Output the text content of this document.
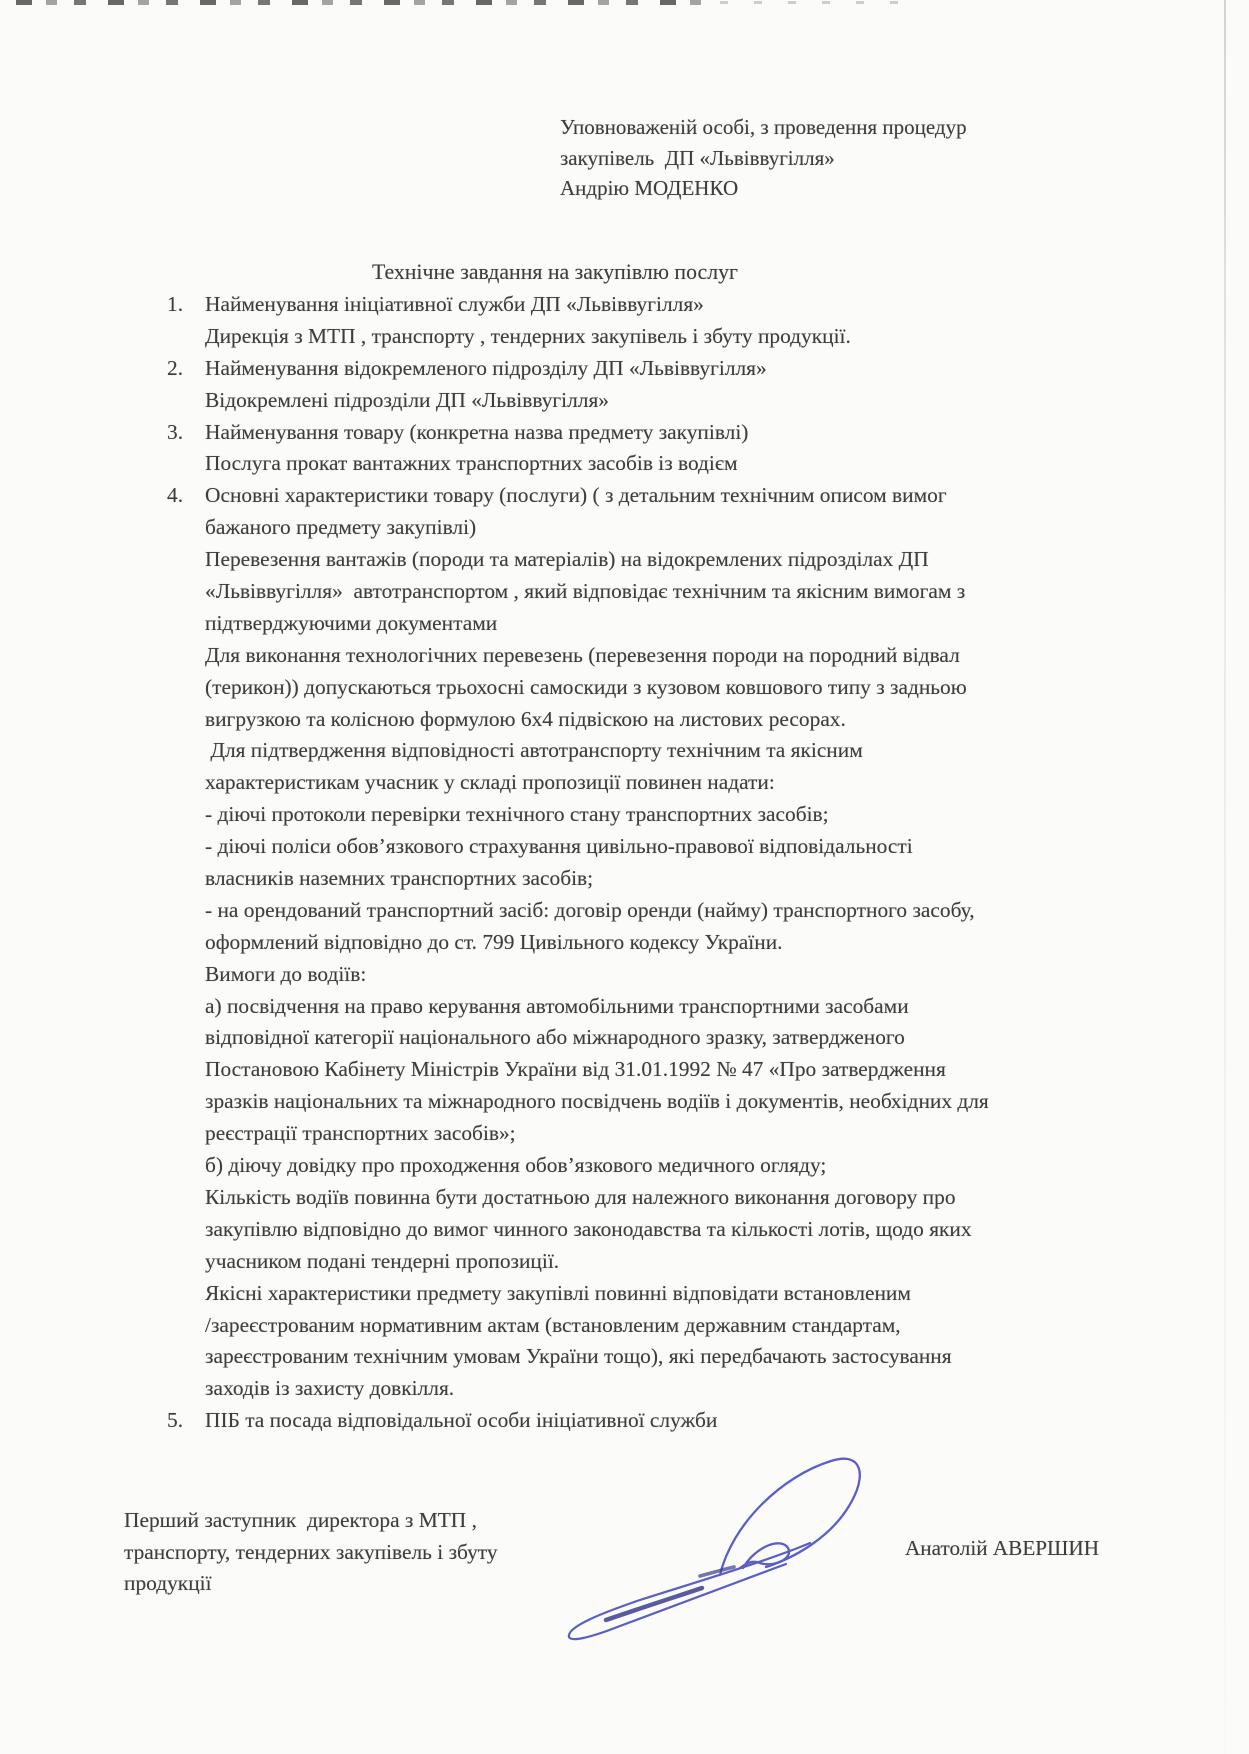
Уповноваженій особі, з проведення процедур
закупівель  ДП «Львіввугілля»
Андрію МОДЕНКО
Технічне завдання на закупівлю послуг
1. Найменування ініціативної служби ДП «Львіввугілля»
Дирекція з МТП , транспорту , тендерних закупівель і збуту продукції.
2. Найменування відокремленого підрозділу ДП «Львіввугілля»
Відокремлені підрозділи ДП «Львіввугілля»
3. Найменування товару (конкретна назва предмету закупівлі)
Послуга прокат вантажних транспортних засобів із водієм
4. Основні характеристики товару (послуги) ( з детальним технічним описом вимог
бажаного предмету закупівлі)
Перевезення вантажів (породи та матеріалів) на відокремлених підрозділах ДП
«Львіввугілля»  автотранспортом , який відповідає технічним та якісним вимогам з
підтверджуючими документами
Для виконання технологічних перевезень (перевезення породи на породний відвал
(терикон)) допускаються трьохосні самоскиди з кузовом ковшового типу з задньою
вигрузкою та колісною формулою 6х4 підвіскою на листових ресорах.
Для підтвердження відповідності автотранспорту технічним та якісним
характеристикам учасник у складі пропозиції повинен надати:
- діючі протоколи перевірки технічного стану транспортних засобів;
- діючі поліси обов’язкового страхування цивільно-правової відповідальності
власників наземних транспортних засобів;
- на орендований транспортний засіб: договір оренди (найму) транспортного засобу,
оформлений відповідно до ст. 799 Цивільного кодексу України.
Вимоги до водіїв:
а) посвідчення на право керування автомобільними транспортними засобами
відповідної категорії національного або міжнародного зразку, затвердженого
Постановою Кабінету Міністрів України від 31.01.1992 № 47 «Про затвердження
зразків національних та міжнародного посвідчень водіїв і документів, необхідних для
реєстрації транспортних засобів»;
б) діючу довідку про проходження обов’язкового медичного огляду;
Кількість водіїв повинна бути достатньою для належного виконання договору про
закупівлю відповідно до вимог чинного законодавства та кількості лотів, щодо яких
учасником подані тендерні пропозиції.
Якісні характеристики предмету закупівлі повинні відповідати встановленим
/зареєстрованим нормативним актам (встановленим державним стандартам,
зареєстрованим технічним умовам України тощо), які передбачають застосування
заходів із захисту довкілля.
5. ПІБ та посада відповідальної особи ініціативної служби
Перший заступник  директора з МТП ,
транспорту, тендерних закупівель і збуту
продукції
Анатолій АВЕРШИН
